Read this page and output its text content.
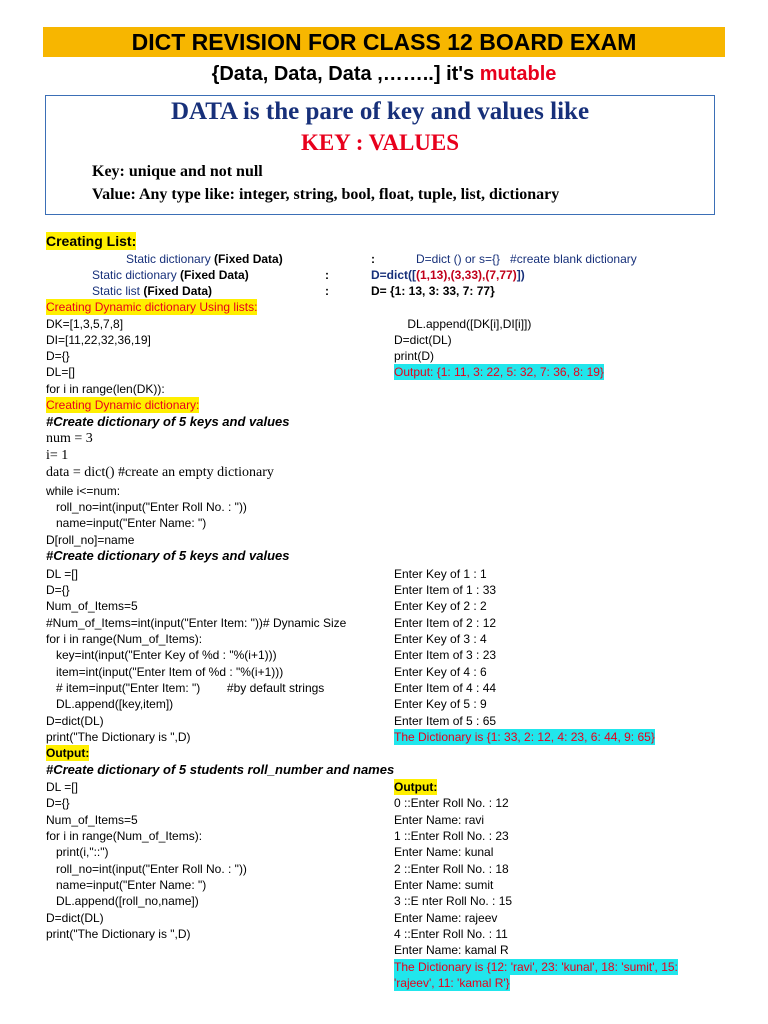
DICT REVISION FOR CLASS 12 BOARD EXAM
{Data, Data, Data ,……..] it's mutable
DATA is the pare of key and values like
KEY : VALUES
Key: unique and not null
Value: Any type like: integer, string, bool, float, tuple, list, dictionary
Creating List:
Static dictionary (Fixed Data)	:	D=dict () or s={}   #create blank dictionary
Static dictionary (Fixed Data)	:	D=dict([(1,13),(3,33),(7,77)])
Static list (Fixed Data)	:	D= {1: 13, 3: 33, 7: 77}
Creating Dynamic dictionary Using lists:
DK=[1,3,5,7,8]
DI=[11,22,32,36,19]
D={}
DL=[]
for i in range(len(DK)):
DL.append([DK[i],DI[i]])
D=dict(DL)
print(D)
Output: {1: 11, 3: 22, 5: 32, 7: 36, 8: 19}
Creating Dynamic dictionary:
#Create dictionary of 5 keys and values
num = 3
i= 1
data = dict() #create an empty dictionary
while i<=num:
roll_no=int(input("Enter Roll No. : "))
name=input("Enter Name: ")
D[roll_no]=name
#Create dictionary of 5 keys and values
DL =[]
D={}
Num_of_Items=5
#Num_of_Items=int(input("Enter Item: "))# Dynamic Size
for i in range(Num_of_Items):
key=int(input("Enter Key of %d : "%(i+1)))
item=int(input("Enter Item of %d : "%(i+1)))
# item=input("Enter Item: ")        #by default strings
DL.append([key,item])
D=dict(DL)
print("The Dictionary is ",D)
Output:
Enter Key of 1 : 1
Enter Item of 1 : 33
Enter Key of 2 : 2
Enter Item of 2 : 12
Enter Key of 3 : 4
Enter Item of 3 : 23
Enter Key of 4 : 6
Enter Item of 4 : 44
Enter Key of 5 : 9
Enter Item of 5 : 65
The Dictionary is {1: 33, 2: 12, 4: 23, 6: 44, 9: 65}
#Create dictionary of 5 students roll_number and names
DL =[]
D={}
Num_of_Items=5
for i in range(Num_of_Items):
print(i,"::")
roll_no=int(input("Enter Roll No. : "))
name=input("Enter Name: ")
DL.append([roll_no,name])
D=dict(DL)
print("The Dictionary is ",D)
Output:
0 ::Enter Roll No. : 12
Enter Name: ravi
1 ::Enter Roll No. : 23
Enter Name: kunal
2 ::Enter Roll No. : 18
Enter Name: sumit
3 ::E nter Roll No. : 15
Enter Name: rajeev
4 ::Enter Roll No. : 11
Enter Name: kamal R
The Dictionary is {12: 'ravi', 23: 'kunal', 18: 'sumit', 15:
'rajeev', 11: 'kamal R'}
